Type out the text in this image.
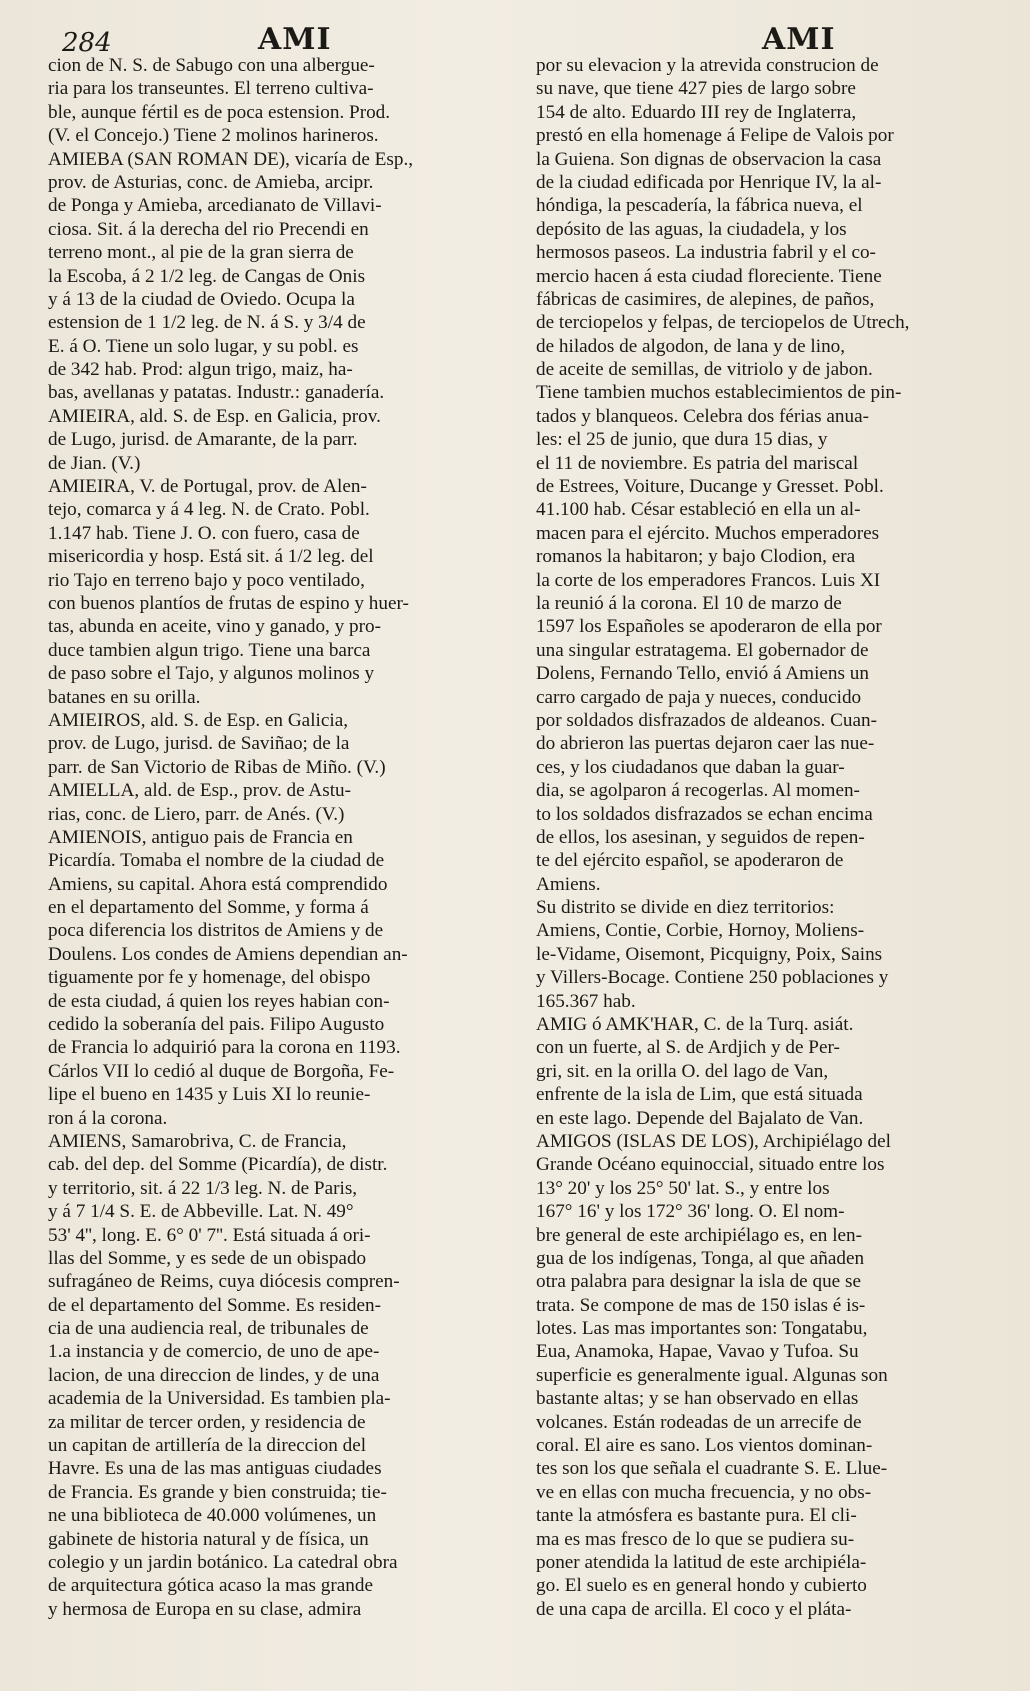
284	AMI	AMI
cion de N. S. de Sabugo con una albergue-
ria para los transeuntes. El terreno cultiva-
ble, aunque fértil es de poca estension. Prod.
(V. el Concejo.) Tiene 2 molinos harineros.
AMIEBA (SAN ROMAN DE), vicaría de Esp.,
prov. de Asturias, conc. de Amieba, arcipr.
de Ponga y Amieba, arcedianato de Villavi-
ciosa. Sit. á la derecha del rio Precendi en
terreno mont., al pie de la gran sierra de
la Escoba, á 2 1/2 leg. de Cangas de Onis
y á 13 de la ciudad de Oviedo. Ocupa la
estension de 1 1/2 leg. de N. á S. y 3/4 de
E. á O. Tiene un solo lugar, y su pobl. es
de 342 hab. Prod: algun trigo, maiz, ha-
bas, avellanas y patatas. Industr.: ganadería.
AMIEIRA, ald. S. de Esp. en Galicia, prov.
de Lugo, jurisd. de Amarante, de la parr.
de Jian. (V.)
AMIEIRA, V. de Portugal, prov. de Alen-
tejo, comarca y á 4 leg. N. de Crato. Pobl.
1.147 hab. Tiene J. O. con fuero, casa de
misericordia y hosp. Está sit. á 1/2 leg. del
rio Tajo en terreno bajo y poco ventilado,
con buenos plantíos de frutas de espino y huer-
tas, abunda en aceite, vino y ganado, y pro-
duce tambien algun trigo. Tiene una barca
de paso sobre el Tajo, y algunos molinos y
batanes en su orilla.
AMIEIROS, ald. S. de Esp. en Galicia,
prov. de Lugo, jurisd. de Saviñao; de la
parr. de San Victorio de Ribas de Miño. (V.)
AMIELLA, ald. de Esp., prov. de Astu-
rias, conc. de Liero, parr. de Anés. (V.)
AMIENOIS, antiguo pais de Francia en
Picardía. Tomaba el nombre de la ciudad de
Amiens, su capital. Ahora está comprendido
en el departamento del Somme, y forma á
poca diferencia los distritos de Amiens y de
Doulens. Los condes de Amiens dependian an-
tiguamente por fe y homenage, del obispo
de esta ciudad, á quien los reyes habian con-
cedido la soberanía del pais. Filipo Augusto
de Francia lo adquirió para la corona en 1193.
Cárlos VII lo cedió al duque de Borgoña, Fe-
lipe el bueno en 1435 y Luis XI lo reunie-
ron á la corona.
AMIENS, Samarobriva, C. de Francia,
cab. del dep. del Somme (Picardía), de distr.
y territorio, sit. á 22 1/3 leg. N. de Paris,
y á 7 1/4 S. E. de Abbeville. Lat. N. 49°
53' 4'', long. E. 6° 0' 7''. Está situada á ori-
llas del Somme, y es sede de un obispado
sufragáneo de Reims, cuya diócesis compren-
de el departamento del Somme. Es residen-
cia de una audiencia real, de tribunales de
1.a instancia y de comercio, de uno de ape-
lacion, de una direccion de lindes, y de una
academia de la Universidad. Es tambien pla-
za militar de tercer orden, y residencia de
un capitan de artillería de la direccion del
Havre. Es una de las mas antiguas ciudades
de Francia. Es grande y bien construida; tie-
ne una biblioteca de 40.000 volúmenes, un
gabinete de historia natural y de física, un
colegio y un jardin botánico. La catedral obra
de arquitectura gótica acaso la mas grande
y hermosa de Europa en su clase, admira
por su elevacion y la atrevida construcion de
su nave, que tiene 427 pies de largo sobre
154 de alto. Eduardo III rey de Inglaterra,
prestó en ella homenage á Felipe de Valois por
la Guiena. Son dignas de observacion la casa
de la ciudad edificada por Henrique IV, la al-
hóndiga, la pescadería, la fábrica nueva, el
depósito de las aguas, la ciudadela, y los
hermosos paseos. La industria fabril y el co-
mercio hacen á esta ciudad floreciente. Tiene
fábricas de casimires, de alepines, de paños,
de terciopelos y felpas, de terciopelos de Utrech,
de hilados de algodon, de lana y de lino,
de aceite de semillas, de vitriolo y de jabon.
Tiene tambien muchos establecimientos de pin-
tados y blanqueos. Celebra dos férias anua-
les: el 25 de junio, que dura 15 dias, y
el 11 de noviembre. Es patria del mariscal
de Estrees, Voiture, Ducange y Gresset. Pobl.
41.100 hab. César estableció en ella un al-
macen para el ejército. Muchos emperadores
romanos la habitaron; y bajo Clodion, era
la corte de los emperadores Francos. Luis XI
la reunió á la corona. El 10 de marzo de
1597 los Españoles se apoderaron de ella por
una singular estratagema. El gobernador de
Dolens, Fernando Tello, envió á Amiens un
carro cargado de paja y nueces, conducido
por soldados disfrazados de aldeanos. Cuan-
do abrieron las puertas dejaron caer las nue-
ces, y los ciudadanos que daban la guar-
dia, se agolparon á recogerlas. Al momen-
to los soldados disfrazados se echan encima
de ellos, los asesinan, y seguidos de repen-
te del ejército español, se apoderaron de
Amiens.
Su distrito se divide en diez territorios:
Amiens, Contie, Corbie, Hornoy, Moliens-
le-Vidame, Oisemont, Picquigny, Poix, Sains
y Villers-Bocage. Contiene 250 poblaciones y
165.367 hab.
AMIG ó AMK'HAR, C. de la Turq. asiát.
con un fuerte, al S. de Ardjich y de Per-
gri, sit. en la orilla O. del lago de Van,
enfrente de la isla de Lim, que está situada
en este lago. Depende del Bajalato de Van.
AMIGOS (ISLAS DE LOS), Archipiélago del
Grande Océano equinoccial, situado entre los
13° 20' y los 25° 50' lat. S., y entre los
167° 16' y los 172° 36' long. O. El nom-
bre general de este archipiélago es, en len-
gua de los indígenas, Tonga, al que añaden
otra palabra para designar la isla de que se
trata. Se compone de mas de 150 islas é is-
lotes. Las mas importantes son: Tongatabu,
Eua, Anamoka, Hapae, Vavao y Tufoa. Su
superficie es generalmente igual. Algunas son
bastante altas; y se han observado en ellas
volcanes. Están rodeadas de un arrecife de
coral. El aire es sano. Los vientos dominan-
tes son los que señala el cuadrante S. E. Llue-
ve en ellas con mucha frecuencia, y no obs-
tante la atmósfera es bastante pura. El cli-
ma es mas fresco de lo que se pudiera su-
poner atendida la latitud de este archipiéla-
go. El suelo es en general hondo y cubierto
de una capa de arcilla. El coco y el pláta-
